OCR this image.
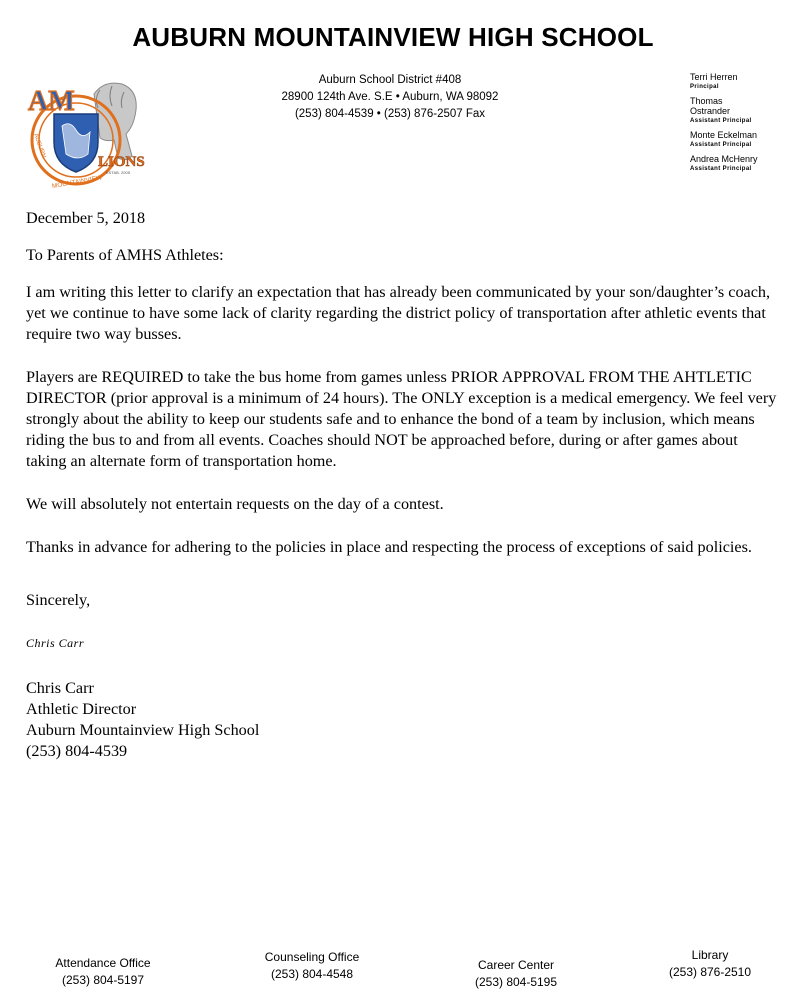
AUBURN MOUNTAINVIEW HIGH SCHOOL
AM
LIONS
ESTAB. 2005
AUBURN
MOUNTAINVIEW
Auburn School District #408
28900 124th Ave. S.E • Auburn, WA 98092
(253) 804-4539 • (253) 876-2507 Fax
Terri Herren
Principal
Thomas Ostrander
Assistant Principal
Monte Eckelman
Assistant Principal
Andrea McHenry
Assistant Principal

December 5, 2018

To Parents of AMHS Athletes:

I am writing this letter to clarify an expectation that has already been communicated by your son/daughter’s coach, yet we continue to have some lack of clarity regarding the district policy of transportation after athletic events that require two way busses.

Players are REQUIRED to take the bus home from games unless PRIOR APPROVAL FROM THE AHTLETIC DIRECTOR (prior approval is a minimum of 24 hours). The ONLY exception is a medical emergency. We feel very strongly about the ability to keep our students safe and to enhance the bond of a team by inclusion, which means riding the bus to and from all events. Coaches should NOT be approached before, during or after games about taking an alternate form of transportation home.

We will absolutely not entertain requests on the day of a contest.

Thanks in advance for adhering to the policies in place and respecting the process of exceptions of said policies.

Sincerely,

Chris Carr

Chris Carr

Athletic Director

Auburn Mountainview High School

(253) 804-4539

Attendance Office
(253) 804-5197
Counseling Office
(253) 804-4548
Career Center
(253) 804-5195
Library
(253) 876-2510
